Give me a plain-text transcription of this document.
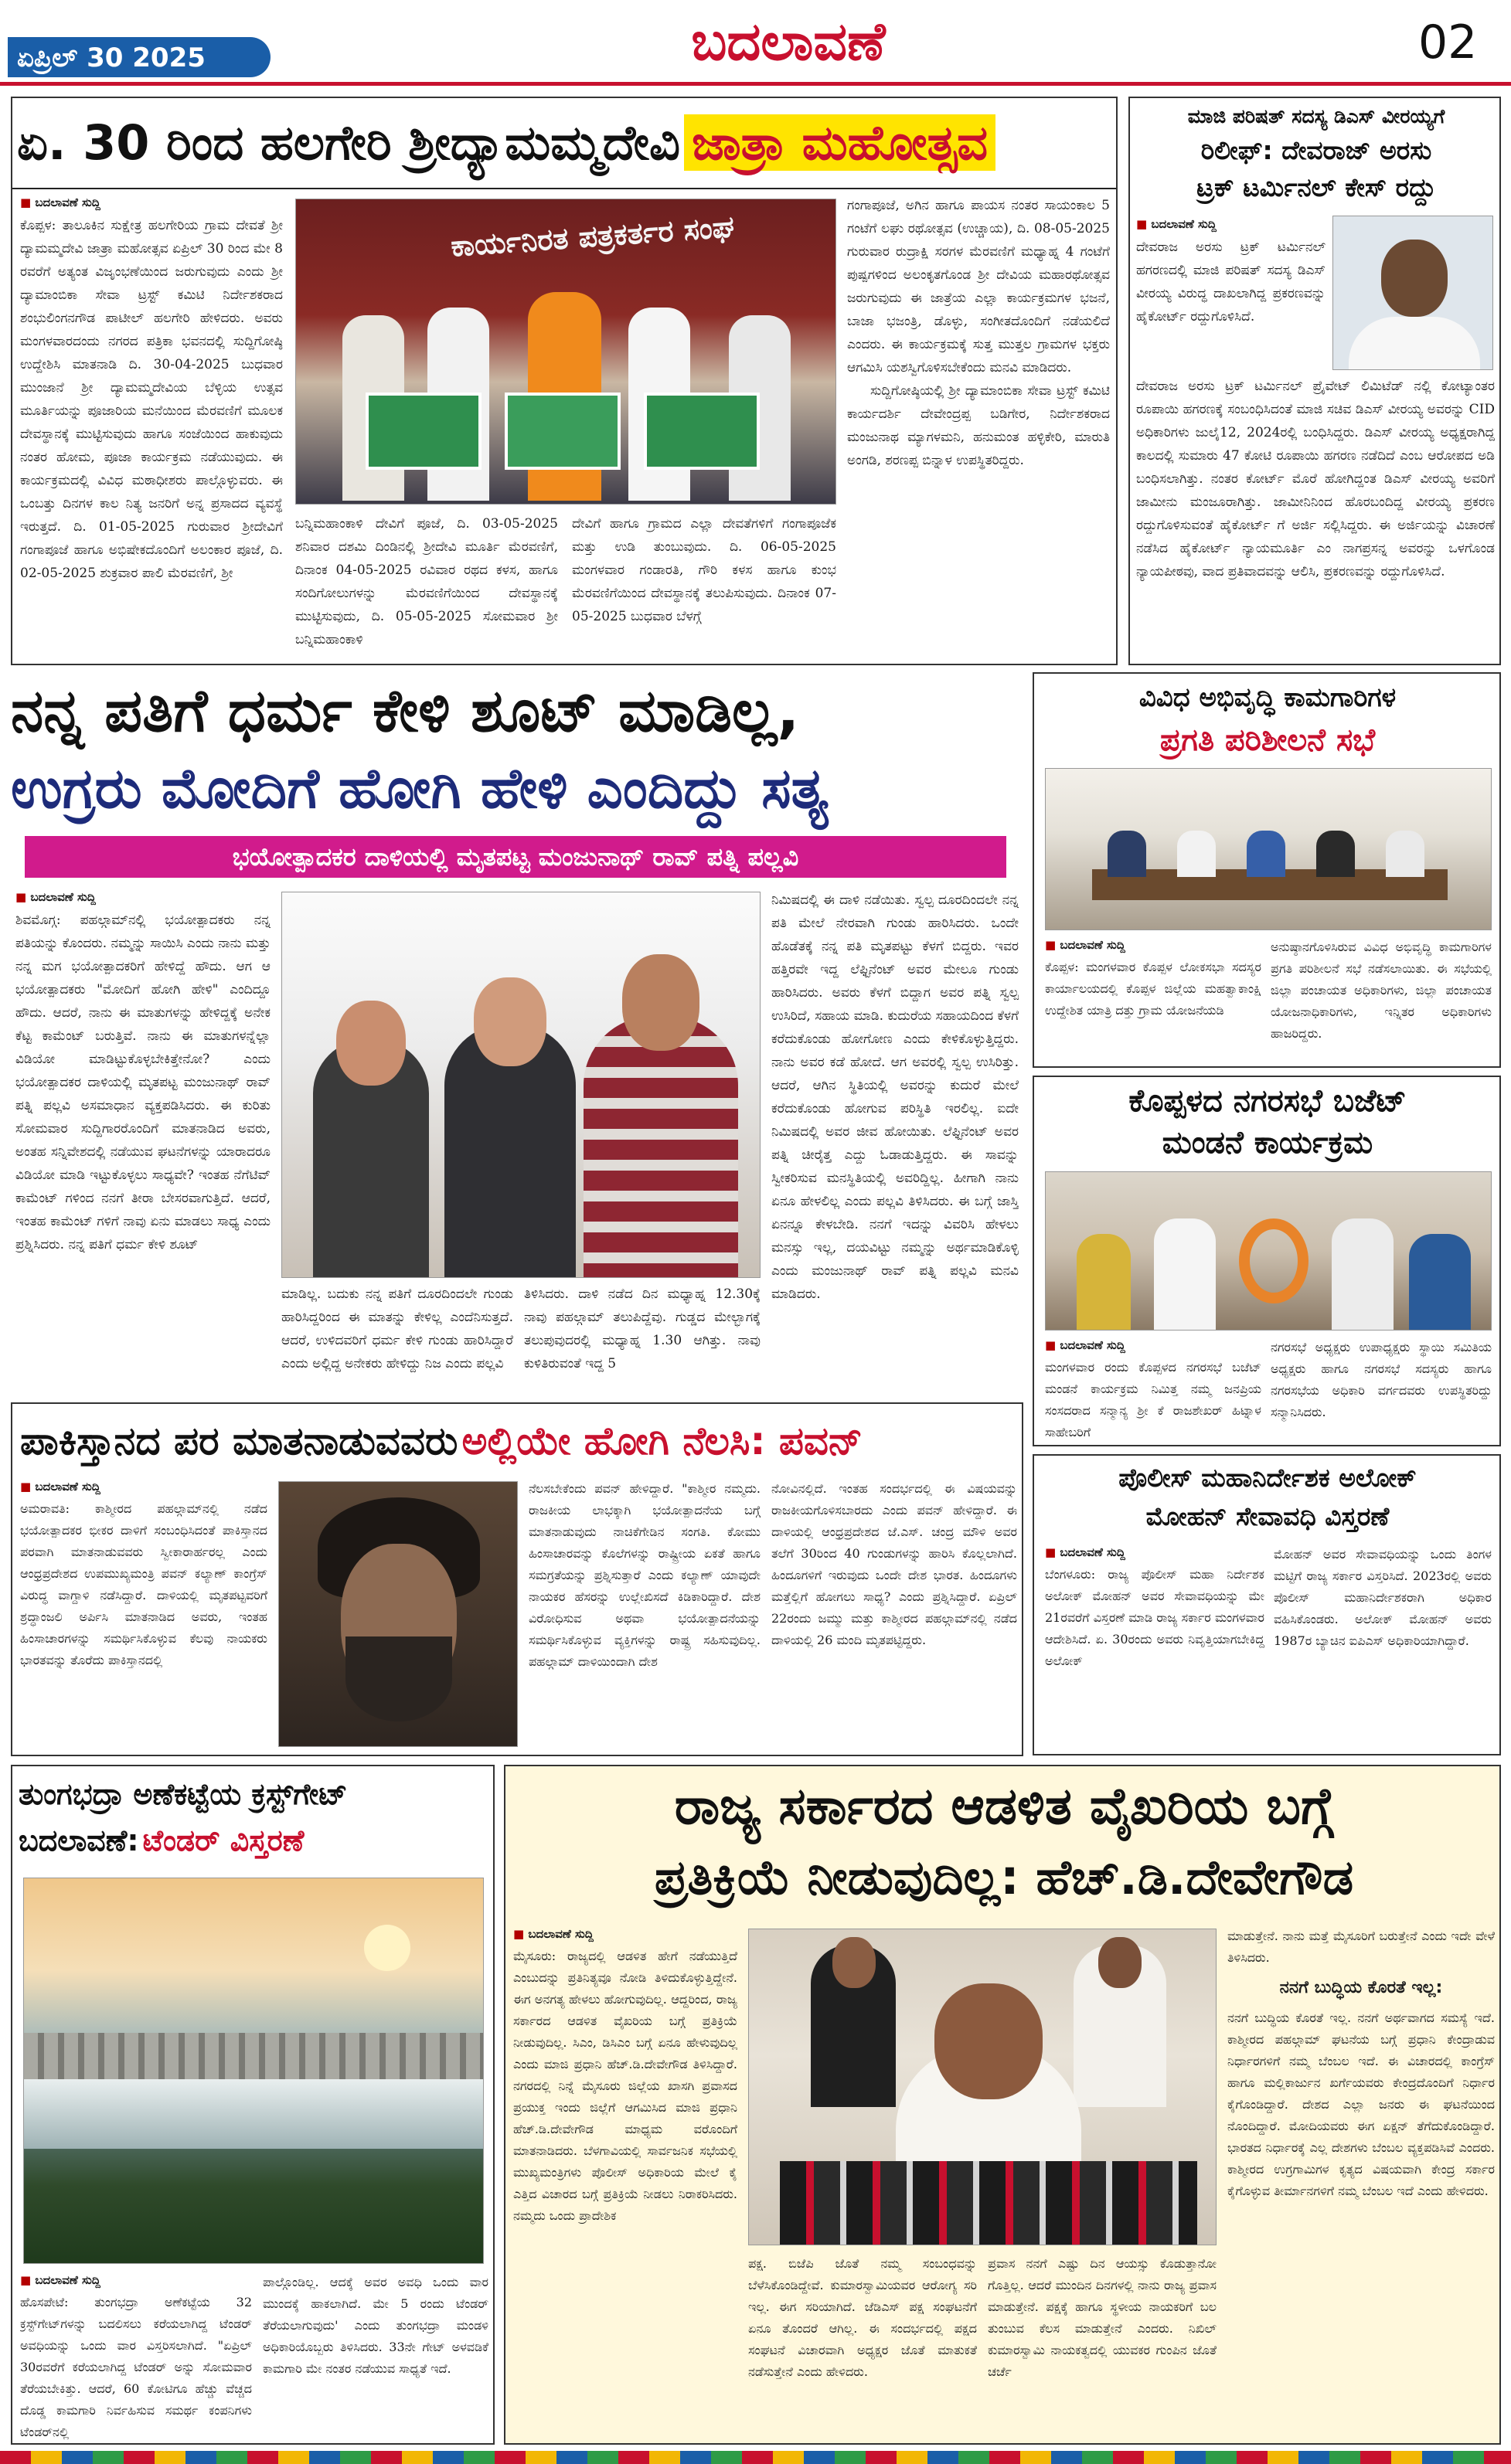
ಏಪ್ರಿಲ್ 30 2025	ಬದಲಾವಣೆ	02
ಏ. 30 ರಿಂದ ಹಲಗೇರಿ ಶ್ರೀದ್ಯಾಮಮ್ಮದೇವಿ ಜಾತ್ರಾ ಮಹೋತ್ಸವ

■ ಬದಲಾವಣೆ ಸುದ್ದಿ

ಕೊಪ್ಪಳ: ತಾಲೂಕಿನ ಸುಕ್ಷೇತ್ರ ಹಲಗೇರಿಯ ಗ್ರಾಮ ದೇವತೆ ಶ್ರೀ ದ್ಯಾಮಮ್ಮದೇವಿ ಜಾತ್ರಾ ಮಹೋತ್ಸವ ಏಪ್ರಿಲ್ 30 ರಿಂದ ಮೇ 8 ರವರೆಗೆ ಅತ್ಯಂತ ವಿಜೃಂಭಣೆಯಿಂದ ಜರುಗುವುದು ಎಂದು ಶ್ರೀ ದ್ಯಾಮಾಂಬಿಕಾ ಸೇವಾ ಟ್ರಸ್ಟ್ ಕಮಿಟಿ ನಿರ್ದೇಶಕರಾದ ಶಂಭುಲಿಂಗನಗೌಡ ಪಾಟೀಲ್ ಹಲಗೇರಿ ಹೇಳಿದರು. ಅವರು ಮಂಗಳವಾರದಂದು ನಗರದ ಪತ್ರಿಕಾ ಭವನದಲ್ಲಿ ಸುದ್ದಿಗೋಷ್ಠಿ ಉದ್ದೇಶಿಸಿ ಮಾತನಾಡಿ ದಿ. 30-04-2025 ಬುಧವಾರ ಮುಂಜಾನೆ ಶ್ರೀ ದ್ಯಾಮಮ್ಮದೇವಿಯ ಬೆಳ್ಳಿಯ ಉತ್ಸವ ಮೂರ್ತಿಯನ್ನು ಪೂಜಾರಿಯ ಮನೆಯಿಂದ ಮೆರವಣಿಗೆ ಮೂಲಕ ದೇವಸ್ಥಾನಕ್ಕೆ ಮುಟ್ಟಿಸುವುದು ಹಾಗೂ ಸಂಜೆಯಿಂದ ಹಾಕುವುದು ನಂತರ ಹೋಮ, ಪೂಜಾ ಕಾರ್ಯಕ್ರಮ ನಡೆಯುವುದು. ಈ ಕಾರ್ಯಕ್ರಮದಲ್ಲಿ ವಿವಿಧ ಮಠಾಧೀಶರು ಪಾಲ್ಗೊಳ್ಳುವರು. ಈ ಒಂಬತ್ತು ದಿನಗಳ ಕಾಲ ನಿತ್ಯ ಜನರಿಗೆ ಅನ್ನ ಪ್ರಸಾದದ ವ್ಯವಸ್ಥೆ ಇರುತ್ತದೆ. ದಿ. 01-05-2025 ಗುರುವಾರ ಶ್ರೀದೇವಿಗೆ ಗಂಗಾಪೂಜೆ ಹಾಗೂ ಅಭಿಷೇಕದೊಂದಿಗೆ ಅಲಂಕಾರ ಪೂಜೆ, ದಿ. 02-05-2025 ಶುಕ್ರವಾರ ಪಾಲಿ ಮೆರವಣಿಗೆ, ಶ್ರೀ

ಕಾರ್ಯನಿರತ ಪತ್ರಕರ್ತರ ಸಂಘ

ಬನ್ನಿಮಹಾಂಕಾಳಿ ದೇವಿಗೆ ಪೂಜೆ, ದಿ. 03-05-2025 ಶನಿವಾರ ದಶಮಿ ದಿಂಡಿನಲ್ಲಿ ಶ್ರೀದೇವಿ ಮೂರ್ತಿ ಮೆರವಣಿಗೆ, ದಿನಾಂಕ 04-05-2025 ರವಿವಾರ ರಥದ ಕಳಸ, ಹಾಗೂ ಸಂದಿಗೋಲುಗಳನ್ನು ಮೆರವಣಿಗೆಯಿಂದ ದೇವಸ್ಥಾನಕ್ಕೆ ಮುಟ್ಟಿಸುವುದು, ದಿ. 05-05-2025 ಸೋಮವಾರ ಶ್ರೀ ಬನ್ನಿಮಹಾಂಕಾಳಿ

ದೇವಿಗೆ ಹಾಗೂ ಗ್ರಾಮದ ಎಲ್ಲಾ ದೇವತೆಗಳಿಗೆ ಗಂಗಾಪೂಜೆಕ ಮತ್ತು ಉಡಿ ತುಂಬುವುದು. ದಿ. 06-05-2025 ಮಂಗಳವಾರ ಗಂಡಾರತಿ, ಗೌರಿ ಕಳಸ ಹಾಗೂ ಕುಂಭ ಮೆರವಣಿಗೆಯಿಂದ ದೇವಸ್ಥಾನಕ್ಕೆ ತಲುಪಿಸುವುದು. ದಿನಾಂಕ 07-05-2025 ಬುಧವಾರ ಬೆಳಗ್ಗೆ

ಗಂಗಾಪೂಜೆ, ಅಗಿನ ಹಾಗೂ ಪಾಯಸ ನಂತರ ಸಾಯಂಕಾಲ 5 ಗಂಟೆಗೆ ಲಘು ರಥೋತ್ಸವ (ಉಚ್ಚಾಯ), ದಿ. 08-05-2025 ಗುರುವಾರ ರುದ್ರಾಕ್ಷಿ ಸರಗಳ ಮೆರವಣಿಗೆ ಮಧ್ಯಾಹ್ನ 4 ಗಂಟೆಗೆ ಪುಷ್ಪಗಳಿಂದ ಅಲಂಕೃತಗೊಂಡ ಶ್ರೀ ದೇವಿಯ ಮಹಾರಥೋತ್ಸವ ಜರುಗುವುದು ಈ ಜಾತ್ರೆಯ ಎಲ್ಲಾ ಕಾರ್ಯಕ್ರಮಗಳ ಭಜನೆ, ಬಾಜಾ ಭಜಂತ್ರಿ, ಡೊಳ್ಳು, ಸಂಗೀತದೊಂದಿಗೆ ನಡೆಯಲಿದೆ ಎಂದರು. ಈ ಕಾರ್ಯಕ್ರಮಕ್ಕೆ ಸುತ್ತ ಮುತ್ತಲ ಗ್ರಾಮಗಳ ಭಕ್ತರು ಆಗಮಿಸಿ ಯಶಸ್ವಿಗೊಳಿಸಬೇಕೆಂದು ಮನವಿ ಮಾಡಿದರು.

ಸುದ್ದಿಗೋಷ್ಠಿಯಲ್ಲಿ ಶ್ರೀ ದ್ಯಾಮಾಂಬಿಕಾ ಸೇವಾ ಟ್ರಸ್ಟ್ ಕಮಿಟಿ ಕಾರ್ಯದರ್ಶಿ ದೇವೇಂದ್ರಪ್ಪ ಬಡಿಗೇರ, ನಿರ್ದೇಶಕರಾದ ಮಂಜುನಾಥ ಮ್ಯಾಗಳಮನಿ, ಹನುಮಂತ ಹಳ್ಳಿಕೇರಿ, ಮಾರುತಿ ಅಂಗಡಿ, ಶರಣಪ್ಪ ಬಿನ್ನಾಳ ಉಪಸ್ಥಿತರಿದ್ದರು.

ಮಾಜಿ ಪರಿಷತ್ ಸದಸ್ಯ ಡಿಎಸ್ ವೀರಯ್ಯಗೆ
ರಿಲೀಫ್: ದೇವರಾಜ್ ಅರಸು
ಟ್ರಕ್ ಟರ್ಮಿನಲ್ ಕೇಸ್ ರದ್ದು

■ ಬದಲಾವಣೆ ಸುದ್ದಿ

ದೇವರಾಜ ಅರಸು ಟ್ರಕ್ ಟರ್ಮಿನಲ್ ಹಗರಣದಲ್ಲಿ ಮಾಜಿ ಪರಿಷತ್ ಸದಸ್ಯ ಡಿಎಸ್ ವೀರಯ್ಯ ವಿರುದ್ಧ ದಾಖಲಾಗಿದ್ದ ಪ್ರಕರಣವನ್ನು ಹೈಕೋರ್ಟ್ ರದ್ದುಗೊಳಿಸಿದೆ.

ದೇವರಾಜ ಅರಸು ಟ್ರಕ್ ಟರ್ಮಿನಲ್ ಪ್ರೈವೇಟ್ ಲಿಮಿಟೆಡ್ ನಲ್ಲಿ ಕೋಟ್ಯಾಂತರ ರೂಪಾಯಿ ಹಗರಣಕ್ಕೆ ಸಂಬಂಧಿಸಿದಂತೆ ಮಾಜಿ ಸಚಿವ ಡಿಎಸ್ ವೀರಯ್ಯ ಅವರನ್ನು CID ಅಧಿಕಾರಿಗಳು ಜುಲೈ12, 2024ರಲ್ಲಿ ಬಂಧಿಸಿದ್ದರು. ಡಿಎಸ್ ವೀರಯ್ಯ ಅಧ್ಯಕ್ಷರಾಗಿದ್ದ ಕಾಲದಲ್ಲಿ ಸುಮಾರು 47 ಕೋಟಿ ರೂಪಾಯಿ ಹಗರಣ ನಡೆದಿದೆ ಎಂಬ ಆರೋಪದ ಅಡಿ ಬಂಧಿಸಲಾಗಿತ್ತು. ನಂತರ ಕೋರ್ಟ್ ಮೊರೆ ಹೋಗಿದ್ದಂತ ಡಿಎಸ್ ವೀರಯ್ಯ ಅವರಿಗೆ ಜಾಮೀನು ಮಂಜೂರಾಗಿತ್ತು. ಜಾಮೀನಿನಿಂದ ಹೊರಬಂದಿದ್ದ ವೀರಯ್ಯ ಪ್ರಕರಣ ರದ್ದುಗೊಳಿಸುವಂತೆ ಹೈಕೋರ್ಟ್ ಗೆ ಅರ್ಜಿ ಸಲ್ಲಿಸಿದ್ದರು. ಈ ಅರ್ಜಿಯನ್ನು ವಿಚಾರಣೆ ನಡೆಸಿದ ಹೈಕೋರ್ಟ್ ನ್ಯಾಯಮೂರ್ತಿ ಎಂ ನಾಗಪ್ರಸನ್ನ ಅವರನ್ನು ಒಳಗೊಂಡ ನ್ಯಾಯಪೀಠವು, ವಾದ ಪ್ರತಿವಾದವನ್ನು ಆಲಿಸಿ, ಪ್ರಕರಣವನ್ನು ರದ್ದುಗೊಳಿಸಿದೆ.

ನನ್ನ ಪತಿಗೆ ಧರ್ಮ ಕೇಳಿ ಶೂಟ್ ಮಾಡಿಲ್ಲ,
ಉಗ್ರರು ಮೋದಿಗೆ ಹೋಗಿ ಹೇಳಿ ಎಂದಿದ್ದು ಸತ್ಯ
ಭಯೋತ್ಪಾದಕರ ದಾಳಿಯಲ್ಲಿ ಮೃತಪಟ್ಟ ಮಂಜುನಾಥ್ ರಾವ್ ಪತ್ನಿ ಪಲ್ಲವಿ

■ ಬದಲಾವಣೆ ಸುದ್ದಿ

ಶಿವಮೊಗ್ಗ: ಪಹಲ್ಗಾಮ್‌ನಲ್ಲಿ ಭಯೋತ್ಪಾದಕರು ನನ್ನ ಪತಿಯನ್ನು ಕೊಂದರು. ನಮ್ಮನ್ನು ಸಾಯಿಸಿ ಎಂದು ನಾನು ಮತ್ತು ನನ್ನ ಮಗ ಭಯೋತ್ಪಾದಕರಿಗೆ ಹೇಳಿದ್ದೆ ಹೌದು. ಆಗ ಆ ಭಯೋತ್ಪಾದಕರು "ಮೋದಿಗೆ ಹೋಗಿ ಹೇಳಿ" ಎಂದಿದ್ದೂ ಹೌದು. ಆದರೆ, ನಾನು ಈ ಮಾತುಗಳನ್ನು ಹೇಳಿದ್ದಕ್ಕೆ ಅನೇಕ ಕೆಟ್ಟ ಕಾಮೆಂಟ್ ಬರುತ್ತಿವೆ. ನಾನು ಈ ಮಾತುಗಳನ್ನೆಲ್ಲಾ ವಿಡಿಯೋ ಮಾಡಿಟ್ಟುಕೊಳ್ಳಬೇಕಿತ್ತೇನೋ? ಎಂದು ಭಯೋತ್ಪಾದಕರ ದಾಳಿಯಲ್ಲಿ ಮೃತಪಟ್ಟ ಮಂಜುನಾಥ್ ರಾವ್ ಪತ್ನಿ ಪಲ್ಲವಿ ಅಸಮಾಧಾನ ವ್ಯಕ್ತಪಡಿಸಿದರು. ಈ ಕುರಿತು ಸೋಮವಾರ ಸುದ್ದಿಗಾರರೊಂದಿಗೆ ಮಾತನಾಡಿದ ಅವರು, ಅಂತಹ ಸನ್ನಿವೇಶದಲ್ಲಿ ನಡೆಯುವ ಘಟನೆಗಳನ್ನು ಯಾರಾದರೂ ವಿಡಿಯೋ ಮಾಡಿ ಇಟ್ಟುಕೊಳ್ಳಲು ಸಾಧ್ಯವೇ? ಇಂತಹ ನೆಗೆಟಿವ್ ಕಾಮೆಂಟ್ ಗಳಿಂದ ನನಗೆ ತೀರಾ ಬೇಸರವಾಗುತ್ತಿದೆ. ಆದರೆ, ಇಂತಹ ಕಾಮೆಂಟ್ ಗಳಿಗೆ ನಾವು ಏನು ಮಾಡಲು ಸಾಧ್ಯ ಎಂದು ಪ್ರಶ್ನಿಸಿದರು. ನನ್ನ ಪತಿಗೆ ಧರ್ಮ ಕೇಳಿ ಶೂಟ್

ಮಾಡಿಲ್ಲ. ಬದುಕು ನನ್ನ ಪತಿಗೆ ದೂರದಿಂದಲೇ ಗುಂಡು ಹಾರಿಸಿದ್ದರಿಂದ ಈ ಮಾತನ್ನು ಕೇಳಿಲ್ಲ ಎಂದೆನಿಸುತ್ತದೆ. ಆದರೆ, ಉಳಿದವರಿಗೆ ಧರ್ಮ ಕೇಳಿ ಗುಂಡು ಹಾರಿಸಿದ್ದಾರೆ ಎಂದು ಅಲ್ಲಿದ್ದ ಅನೇಕರು ಹೇಳಿದ್ದು ನಿಜ ಎಂದು ಪಲ್ಲವಿ

ತಿಳಿಸಿದರು. ದಾಳಿ ನಡೆದ ದಿನ ಮಧ್ಯಾಹ್ನ 12.30ಕ್ಕೆ ನಾವು ಪಹಲ್ಗಾಮ್ ತಲುಪಿದ್ದೆವು. ಗುಡ್ಡದ ಮೇಲ್ಭಾಗಕ್ಕೆ ತಲುಪುವುದರಲ್ಲಿ ಮಧ್ಯಾಹ್ನ 1.30 ಆಗಿತ್ತು. ನಾವು ಕುಳಿತಿರುವಂತೆ ಇದ್ದ 5

ನಿಮಿಷದಲ್ಲಿ ಈ ದಾಳಿ ನಡೆಯಿತು. ಸ್ವಲ್ಪ ದೂರದಿಂದಲೇ ನನ್ನ ಪತಿ ಮೇಲೆ ನೇರವಾಗಿ ಗುಂಡು ಹಾರಿಸಿದರು. ಒಂದೇ ಹೊಡೆತಕ್ಕೆ ನನ್ನ ಪತಿ ಮೃತಪಟ್ಟು ಕೆಳಗೆ ಬಿದ್ದರು. ಇವರ ಹತ್ತಿರವೇ ಇದ್ದ ಲೆಫ್ಟಿನೆಂಟ್ ಅವರ ಮೇಲೂ ಗುಂಡು ಹಾರಿಸಿದರು. ಅವರು ಕೆಳಗೆ ಬಿದ್ದಾಗ ಅವರ ಪತ್ನಿ ಸ್ವಲ್ಪ ಉಸಿರಿದೆ, ಸಹಾಯ ಮಾಡಿ. ಕುದುರೆಯ ಸಹಾಯದಿಂದ ಕೆಳಗೆ ಕರೆದುಕೊಂಡು ಹೋಗೋಣ ಎಂದು ಕೇಳಿಕೊಳ್ಳುತ್ತಿದ್ದರು. ನಾನು ಅವರ ಕಡೆ ಹೋದೆ. ಆಗ ಅವರಲ್ಲಿ ಸ್ವಲ್ಪ ಉಸಿರಿತ್ತು. ಆದರೆ, ಆಗಿನ ಸ್ಥಿತಿಯಲ್ಲಿ ಅವರನ್ನು ಕುದುರೆ ಮೇಲೆ ಕರೆದುಕೊಂಡು ಹೋಗುವ ಪರಿಸ್ಥಿತಿ ಇರಲಿಲ್ಲ. ಐದೇ ನಿಮಿಷದಲ್ಲಿ ಅವರ ಜೀವ ಹೋಯಿತು. ಲೆಫ್ಟಿನೆಂಟ್ ಅವರ ಪತ್ನಿ ಚೀರೈತ್ತ ಎದ್ದು ಓಡಾಡುತ್ತಿದ್ದರು. ಈ ಸಾವನ್ನು ಸ್ವೀಕರಿಸುವ ಮನಸ್ಥಿತಿಯಲ್ಲಿ ಅವರಿದ್ದಿಲ್ಲ. ಹೀಗಾಗಿ ನಾನು ಏನೂ ಹೇಳಲಿಲ್ಲ ಎಂದು ಪಲ್ಲವಿ ತಿಳಿಸಿದರು. ಈ ಬಗ್ಗೆ ಜಾಸ್ತಿ ಏನನ್ನೂ ಕೇಳಬೇಡಿ. ನನಗೆ ಇದನ್ನು ವಿವರಿಸಿ ಹೇಳಲು ಮನಸ್ಸು ಇಲ್ಲ, ದಯವಿಟ್ಟು ನಮ್ಮನ್ನು ಅರ್ಥಮಾಡಿಕೊಳ್ಳಿ ಎಂದು ಮಂಜುನಾಥ್ ರಾವ್ ಪತ್ನಿ ಪಲ್ಲವಿ ಮನವಿ ಮಾಡಿದರು.

ವಿವಿಧ ಅಭಿವೃದ್ಧಿ ಕಾಮಗಾರಿಗಳ
ಪ್ರಗತಿ ಪರಿಶೀಲನೆ ಸಭೆ

■ ಬದಲಾವಣೆ ಸುದ್ದಿ

ಕೊಪ್ಪಳ: ಮಂಗಳವಾರ ಕೊಪ್ಪಳ ಲೋಕಸಭಾ ಸದಸ್ಯರ ಕಾರ್ಯಾಲಯದಲ್ಲಿ ಕೊಪ್ಪಳ ಜಿಲ್ಲೆಯ ಮಹತ್ವಾಕಾಂಕ್ಷಿ ಉದ್ದೇಶಿತ ಯಾತ್ರಿ ದತ್ತು ಗ್ರಾಮ ಯೋಜನೆಯಡಿ

ಅನುಷ್ಠಾನಗೊಳಿಸಿರುವ ವಿವಿಧ ಅಭಿವೃದ್ಧಿ ಕಾಮಗಾರಿಗಳ ಪ್ರಗತಿ ಪರಿಶೀಲನೆ ಸಭೆ ನಡೆಸಲಾಯಿತು. ಈ ಸಭೆಯಲ್ಲಿ ಜಿಲ್ಲಾ ಪಂಚಾಯತ ಅಧಿಕಾರಿಗಳು, ಜಿಲ್ಲಾ ಪಂಚಾಯತ ಯೋಜನಾಧಿಕಾರಿಗಳು, ಇನ್ನಿತರ ಅಧಿಕಾರಿಗಳು ಹಾಜರಿದ್ದರು.

ಕೊಪ್ಪಳದ ನಗರಸಭೆ ಬಜೆಟ್
ಮಂಡನೆ ಕಾರ್ಯಕ್ರಮ

■ ಬದಲಾವಣೆ ಸುದ್ದಿ

ಮಂಗಳವಾರ ರಂದು ಕೊಪ್ಪಳದ ನಗರಸಭೆ ಬಜೆಟ್ ಮಂಡನೆ ಕಾರ್ಯಕ್ರಮ ನಿಮಿತ್ತ ನಮ್ಮ ಜನಪ್ರಿಯ ಸಂಸದರಾದ ಸನ್ಮಾನ್ಯ ಶ್ರೀ ಕೆ ರಾಜಶೇಖರ್ ಹಿಟ್ನಾಳ ಸಾಹೇಬರಿಗೆ

ನಗರಸಭೆ ಅಧ್ಯಕ್ಷರು ಉಪಾಧ್ಯಕ್ಷರು ಸ್ಥಾಯಿ ಸಮಿತಿಯ ಅಧ್ಯಕ್ಷರು ಹಾಗೂ ನಗರಸಭೆ ಸದಸ್ಯರು ಹಾಗೂ ನಗರಸಭೆಯ ಅಧಿಕಾರಿ ವರ್ಗದವರು ಉಪಸ್ಥಿತರಿದ್ದು ಸನ್ಮಾನಿಸಿದರು.

ಪಾಕಿಸ್ತಾನದ ಪರ ಮಾತನಾಡುವವರು ಅಲ್ಲಿಯೇ ಹೋಗಿ ನೆಲಸಿ: ಪವನ್

■ ಬದಲಾವಣೆ ಸುದ್ದಿ

ಅಮರಾವತಿ: ಕಾಶ್ಮೀರದ ಪಹಲ್ಗಾಮ್‌ನಲ್ಲಿ ನಡೆದ ಭಯೋತ್ಪಾದಕರ ಭೀಕರ ದಾಳಿಗೆ ಸಂಬಂಧಿಸಿದಂತೆ ಪಾಕಿಸ್ತಾನದ ಪರವಾಗಿ ಮಾತನಾಡುವವರು ಸ್ವೀಕಾರಾರ್ಹರಲ್ಲ ಎಂದು ಆಂಧ್ರಪ್ರದೇಶದ ಉಪಮುಖ್ಯಮಂತ್ರಿ ಪವನ್ ಕಲ್ಯಾಣ್ ಕಾಂಗ್ರೆಸ್ ವಿರುದ್ಧ ವಾಗ್ದಾಳಿ ನಡೆಸಿದ್ದಾರೆ. ದಾಳಿಯಲ್ಲಿ ಮೃತಪಟ್ಟವರಿಗೆ ಶ್ರದ್ಧಾಂಜಲಿ ಅರ್ಪಿಸಿ ಮಾತನಾಡಿದ ಅವರು, ಇಂತಹ ಹಿಂಸಾಚಾರಗಳನ್ನು ಸಮರ್ಥಿಸಿಕೊಳ್ಳುವ ಕೆಲವು ನಾಯಕರು ಭಾರತವನ್ನು ತೊರೆದು ಪಾಕಿಸ್ತಾನದಲ್ಲಿ

ನೆಲಸಬೇಕೆಂದು ಪವನ್ ಹೇಳಿದ್ದಾರೆ. "ಕಾಶ್ಮೀರ ನಮ್ಮದು. ರಾಜಕೀಯ ಲಾಭಕ್ಕಾಗಿ ಭಯೋತ್ಪಾದನೆಯ ಬಗ್ಗೆ ಮಾತನಾಡುವುದು ನಾಚಿಕೆಗೇಡಿನ ಸಂಗತಿ. ಕೋಮು ಹಿಂಸಾಚಾರವನ್ನು ಕೊಲೆಗಳನ್ನು ರಾಷ್ಟ್ರೀಯ ಏಕತೆ ಹಾಗೂ ಸಮಗ್ರತೆಯನ್ನು ಪ್ರಶ್ನಿಸುತ್ತಾರೆ ಎಂದು ಕಲ್ಯಾಣ್ ಯಾವುದೇ ನಾಯಕರ ಹೆಸರನ್ನು ಉಲ್ಲೇಖಿಸದೆ ಕಿಡಿಕಾರಿದ್ದಾರೆ. ದೇಶ ವಿರೋಧಿಸುವ ಅಥವಾ ಭಯೋತ್ಪಾದನೆಯನ್ನು ಸಮರ್ಥಿಸಿಕೊಳ್ಳುವ ವ್ಯಕ್ತಿಗಳನ್ನು ರಾಷ್ಟ್ರ ಸಹಿಸುವುದಿಲ್ಲ. ಪಹಲ್ಗಾಮ್ ದಾಳಿಯಿಂದಾಗಿ ದೇಶ

ನೋವಿನಲ್ಲಿದೆ. ಇಂತಹ ಸಂದರ್ಭದಲ್ಲಿ ಈ ವಿಷಯವನ್ನು ರಾಜಕೀಯಗೊಳಿಸಬಾರದು ಎಂದು ಪವನ್ ಹೇಳಿದ್ದಾರೆ. ಈ ದಾಳಿಯಲ್ಲಿ ಆಂಧ್ರಪ್ರದೇಶದ ಜೆ.ಎಸ್. ಚಂದ್ರ ಮೌಳಿ ಅವರ ತಲೆಗೆ 30ರಿಂದ 40 ಗುಂಡುಗಳನ್ನು ಹಾರಿಸಿ ಕೊಲ್ಲಲಾಗಿದೆ. ಹಿಂದೂಗಳಿಗೆ ಇರುವುದು ಒಂದೇ ದೇಶ ಭಾರತ. ಹಿಂದೂಗಳು ಮತ್ತೆಲ್ಲಿಗೆ ಹೋಗಲು ಸಾಧ್ಯ? ಎಂದು ಪ್ರಶ್ನಿಸಿದ್ದಾರೆ. ಏಪ್ರಿಲ್ 22ರಂದು ಜಮ್ಮು ಮತ್ತು ಕಾಶ್ಮೀರದ ಪಹಲ್ಗಾಮ್‌ನಲ್ಲಿ ನಡೆದ ದಾಳಿಯಲ್ಲಿ 26 ಮಂದಿ ಮೃತಪಟ್ಟಿದ್ದರು.

ಪೊಲೀಸ್ ಮಹಾನಿರ್ದೇಶಕ ಅಲೋಕ್
ಮೋಹನ್ ಸೇವಾವಧಿ ವಿಸ್ತರಣೆ

■ ಬದಲಾವಣೆ ಸುದ್ದಿ

ಬೆಂಗಳೂರು: ರಾಜ್ಯ ಪೊಲೀಸ್ ಮಹಾ ನಿರ್ದೇಶಕ ಅಲೋಕ್ ಮೋಹನ್ ಅವರ ಸೇವಾವಧಿಯನ್ನು ಮೇ 21ರವರೆಗೆ ವಿಸ್ತರಣೆ ಮಾಡಿ ರಾಜ್ಯ ಸರ್ಕಾರ ಮಂಗಳವಾರ ಆದೇಶಿಸಿದೆ. ಏ. 30ರಂದು ಅವರು ನಿವೃತ್ತಿಯಾಗಬೇಕಿದ್ದ ಅಲೋಕ್

ಮೋಹನ್ ಅವರ ಸೇವಾವಧಿಯನ್ನು ಒಂದು ತಿಂಗಳ ಮಟ್ಟಿಗೆ ರಾಜ್ಯ ಸರ್ಕಾರ ವಿಸ್ತರಿಸಿದೆ. 2023ರಲ್ಲಿ ಅವರು ಪೊಲೀಸ್ ಮಹಾನಿರ್ದೇಶಕರಾಗಿ ಅಧಿಕಾರ ವಹಿಸಿಕೊಂಡರು. ಅಲೋಕ್ ಮೋಹನ್ ಅವರು 1987ರ ಬ್ಯಾಚಿನ ಐಪಿಎಸ್ ಅಧಿಕಾರಿಯಾಗಿದ್ದಾರೆ.

ತುಂಗಭದ್ರಾ ಅಣೆಕಟ್ಟೆಯ ಕ್ರಸ್ಟ್‌ಗೇಟ್
ಬದಲಾವಣೆ: ಟೆಂಡರ್ ವಿಸ್ತರಣೆ

■ ಬದಲಾವಣೆ ಸುದ್ದಿ

ಹೊಸಪೇಟೆ: ತುಂಗಭದ್ರಾ ಅಣೆಕಟ್ಟೆಯ 32 ಕ್ರಸ್ಟ್‌ಗೇಟ್‌ಗಳನ್ನು ಬದಲಿಸಲು ಕರೆಯಲಾಗಿದ್ದ ಟೆಂಡರ್ ಅವಧಿಯನ್ನು ಒಂದು ವಾರ ವಿಸ್ತರಿಸಲಾಗಿದೆ. "ಏಪ್ರಿಲ್ 30ರವರೆಗೆ ಕರೆಯಲಾಗಿದ್ದ ಟೆಂಡರ್ ಅನ್ನು ಸೋಮವಾರ ತೆರೆಯಬೇಕಿತ್ತು. ಆದರೆ, 60 ಕೋಟಿಗೂ ಹೆಚ್ಚು ವೆಚ್ಚದ ದೊಡ್ಡ ಕಾಮಗಾರಿ ನಿರ್ವಹಿಸುವ ಸಮರ್ಥ ಕಂಪನಿಗಳು ಟೆಂಡರ್‌ನಲ್ಲಿ

ಪಾಲ್ಗೊಂಡಿಲ್ಲ. ಆದಕ್ಕೆ ಅವರ ಅವಧಿ ಒಂದು ವಾರ ಮುಂದಕ್ಕೆ ಹಾಕಲಾಗಿದೆ. ಮೇ 5 ರಂದು ಟೆಂಡರ್ ತೆರೆಯಲಾಗುವುದು' ಎಂದು ತುಂಗಭದ್ರಾ ಮಂಡಳಿ ಅಧಿಕಾರಿಯೊಬ್ಬರು ತಿಳಿಸಿದರು. 33ನೇ ಗೇಟ್ ಅಳವಡಿಕೆ ಕಾಮಗಾರಿ ಮೇ ನಂತರ ನಡೆಯುವ ಸಾಧ್ಯತೆ ಇದೆ.

ರಾಜ್ಯ ಸರ್ಕಾರದ ಆಡಳಿತ ವೈಖರಿಯ ಬಗ್ಗೆ
ಪ್ರತಿಕ್ರಿಯೆ ನೀಡುವುದಿಲ್ಲ: ಹೆಚ್.ಡಿ.ದೇವೇಗೌಡ

■ ಬದಲಾವಣೆ ಸುದ್ದಿ

ಮೈಸೂರು: ರಾಜ್ಯದಲ್ಲಿ ಆಡಳಿತ ಹೇಗೆ ನಡೆಯುತ್ತಿದೆ ಎಂಬುದನ್ನು ಪ್ರತಿನಿತ್ಯವೂ ನೋಡಿ ತಿಳಿದುಕೊಳ್ಳುತ್ತಿದ್ದೇನೆ. ಈಗ ಅನಗತ್ಯ ಹೇಳಲು ಹೋಗುವುದಿಲ್ಲ. ಆದ್ದರಿಂದ, ರಾಜ್ಯ ಸರ್ಕಾರದ ಆಡಳಿತ ವೈಖರಿಯ ಬಗ್ಗೆ ಪ್ರತಿಕ್ರಿಯೆ ನೀಡುವುದಿಲ್ಲ. ಸಿಎಂ, ಡಿಸಿಎಂ ಬಗ್ಗೆ ಏನೂ ಹೇಳುವುದಿಲ್ಲ ಎಂದು ಮಾಜಿ ಪ್ರಧಾನಿ ಹೆಚ್.ಡಿ.ದೇವೇಗೌಡ ತಿಳಿಸಿದ್ದಾರೆ. ನಗರದಲ್ಲಿ ನಿನ್ನೆ ಮೈಸೂರು ಜಿಲ್ಲೆಯ ಖಾಸಗಿ ಪ್ರವಾಸದ ಪ್ರಯುಕ್ತ ಇಂದು ಜಿಲ್ಲೆಗೆ ಆಗಮಿಸಿದ ಮಾಜಿ ಪ್ರಧಾನಿ ಹೆಚ್.ಡಿ.ದೇವೇಗೌಡ ಮಾಧ್ಯಮ ವರೊಂದಿಗೆ ಮಾತನಾಡಿದರು. ಬೆಳಗಾವಿಯಲ್ಲಿ ಸಾರ್ವಜನಿಕ ಸಭೆಯಲ್ಲಿ ಮುಖ್ಯಮಂತ್ರಿಗಳು ಪೊಲೀಸ್ ಅಧಿಕಾರಿಯ ಮೇಲೆ ಕೈ ಎತ್ತಿದ ವಿಚಾರದ ಬಗ್ಗೆ ಪ್ರತಿಕ್ರಿಯೆ ನೀಡಲು ನಿರಾಕರಿಸಿದರು. ನಮ್ಮದು ಒಂದು ಪ್ರಾದೇಶಿಕ

ಪಕ್ಷ. ಬಿಜೆಪಿ ಜೊತೆ ನಮ್ಮ ಸಂಬಂಧವನ್ನು ಬೆಳೆಸಿಕೊಂಡಿದ್ದೇವೆ. ಕುಮಾರಸ್ವಾಮಿಯವರ ಆರೋಗ್ಯ ಸರಿ ಇಲ್ಲ. ಈಗ ಸರಿಯಾಗಿದೆ. ಜೆಡಿಎಸ್ ಪಕ್ಷ ಸಂಘಟನೆಗೆ ಏನೂ ತೊಂದರೆ ಆಗಿಲ್ಲ. ಈ ಸಂದರ್ಭದಲ್ಲಿ ಪಕ್ಷದ ಸಂಘಟನೆ ವಿಚಾರವಾಗಿ ಅಧ್ಯಕ್ಷರ ಜೊತೆ ಮಾತುಕತೆ ನಡೆಸುತ್ತೇನೆ ಎಂದು ಹೇಳಿದರು.

ಪ್ರವಾಸ ನನಗೆ ಎಷ್ಟು ದಿನ ಆಯಸ್ಸು ಕೊಡುತ್ತಾನೋ ಗೊತ್ತಿಲ್ಲ. ಆದರೆ ಮುಂದಿನ ದಿನಗಳಲ್ಲಿ ನಾನು ರಾಜ್ಯ ಪ್ರವಾಸ ಮಾಡುತ್ತೇನೆ. ಪಕ್ಷಕ್ಕೆ ಹಾಗೂ ಸ್ಥಳೀಯ ನಾಯಕರಿಗೆ ಬಲ ತುಂಬುವ ಕೆಲಸ ಮಾಡುತ್ತೇನೆ ಎಂದರು. ನಿಖಿಲ್ ಕುಮಾರಸ್ವಾಮಿ ನಾಯಕತ್ವದಲ್ಲಿ ಯುವಕರ ಗುಂಪಿನ ಜೊತೆ ಚರ್ಚೆ

ಮಾಡುತ್ತೇನೆ. ನಾನು ಮತ್ತೆ ಮೈಸೂರಿಗೆ ಬರುತ್ತೇನೆ ಎಂದು ಇದೇ ವೇಳೆ ತಿಳಿಸಿದರು.

ನನಗೆ ಬುದ್ಧಿಯ ಕೊರತೆ ಇಲ್ಲ:

ನನಗೆ ಬುದ್ಧಿಯ ಕೊರತೆ ಇಲ್ಲ. ನನಗೆ ಅರ್ಥವಾಗದ ಸಮಸ್ಯೆ ಇದೆ. ಕಾಶ್ಮೀರದ ಪಹಲ್ಗಾಮ್ ಘಟನೆಯ ಬಗ್ಗೆ ಪ್ರಧಾನಿ ಕೇಂದ್ರಾಡುವ ನಿರ್ಧಾರಗಳಿಗೆ ನಮ್ಮ ಬೆಂಬಲ ಇದೆ. ಈ ವಿಚಾರದಲ್ಲಿ ಕಾಂಗ್ರೆಸ್ ಹಾಗೂ ಮಲ್ಲಿಕಾರ್ಜುನ ಖರ್ಗೆಯವರು ಕೇಂದ್ರದೊಂದಿಗೆ ನಿರ್ಧಾರ ಕೈಗೊಂಡಿದ್ದಾರೆ. ದೇಶದ ಎಲ್ಲಾ ಜನರು ಈ ಘಟನೆಯಿಂದ ನೊಂದಿದ್ದಾರೆ. ಮೋದಿಯವರು ಈಗ ಏಕ್ಷನ್ ತೆಗೆದುಕೊಂಡಿದ್ದಾರೆ. ಭಾರತದ ನಿರ್ಧಾರಕ್ಕೆ ಎಲ್ಲ ದೇಶಗಳು ಬೆಂಬಲ ವ್ಯಕ್ತಪಡಿಸಿವೆ ಎಂದರು. ಕಾಶ್ಮೀರದ ಉಗ್ರಗಾಮಿಗಳ ಕೃತ್ಯದ ವಿಷಯವಾಗಿ ಕೇಂದ್ರ ಸರ್ಕಾರ ಕೈಗೊಳ್ಳುವ ತೀರ್ಮಾನಗಳಿಗೆ ನಮ್ಮ ಬೆಂಬಲ ಇದೆ ಎಂದು ಹೇಳಿದರು.
